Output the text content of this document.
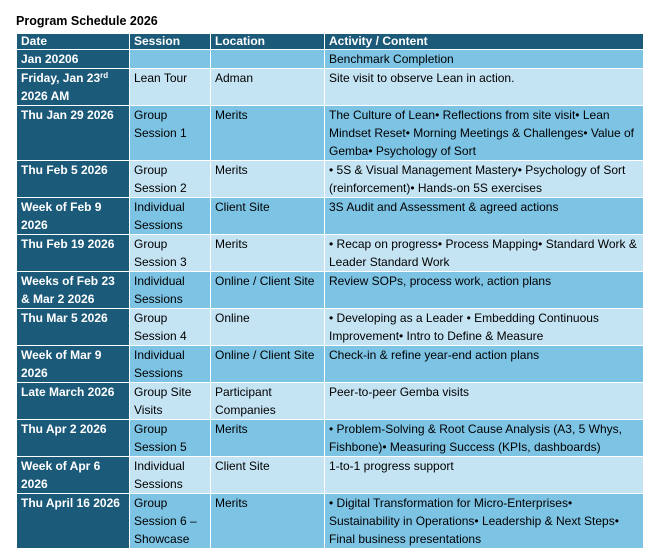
Program Schedule 2026
Date	Session	Location	Activity / Content
Jan 20206			Benchmark Completion
Friday, Jan 23rd 2026 AM	Lean Tour	Adman	Site visit to observe Lean in action.
Thu Jan 29 2026	Group Session 1	Merits	The Culture of Lean• Reflections from site visit• Lean Mindset Reset• Morning Meetings & Challenges• Value of Gemba• Psychology of Sort
Thu Feb 5 2026	Group Session 2	Merits	• 5S & Visual Management Mastery• Psychology of Sort (reinforcement)• Hands-on 5S exercises
Week of Feb 9 2026	Individual Sessions	Client Site	3S Audit and Assessment & agreed actions
Thu Feb 19 2026	Group Session 3	Merits	• Recap on progress• Process Mapping• Standard Work & Leader Standard Work
Weeks of Feb 23 & Mar 2 2026	Individual Sessions	Online / Client Site	Review SOPs, process work, action plans
Thu Mar 5 2026	Group Session 4	Online	• Developing as a Leader • Embedding Continuous Improvement• Intro to Define & Measure
Week of Mar 9 2026	Individual Sessions	Online / Client Site	Check-in & refine year-end action plans
Late March 2026	Group Site Visits	Participant Companies	Peer-to-peer Gemba visits
Thu Apr 2 2026	Group Session 5	Merits	• Problem-Solving & Root Cause Analysis (A3, 5 Whys, Fishbone)• Measuring Success (KPIs, dashboards)
Week of Apr 6 2026	Individual Sessions	Client Site	1-to-1 progress support
Thu April 16 2026	Group Session 6 – Showcase	Merits	• Digital Transformation for Micro-Enterprises• Sustainability in Operations• Leadership & Next Steps• Final business presentations
